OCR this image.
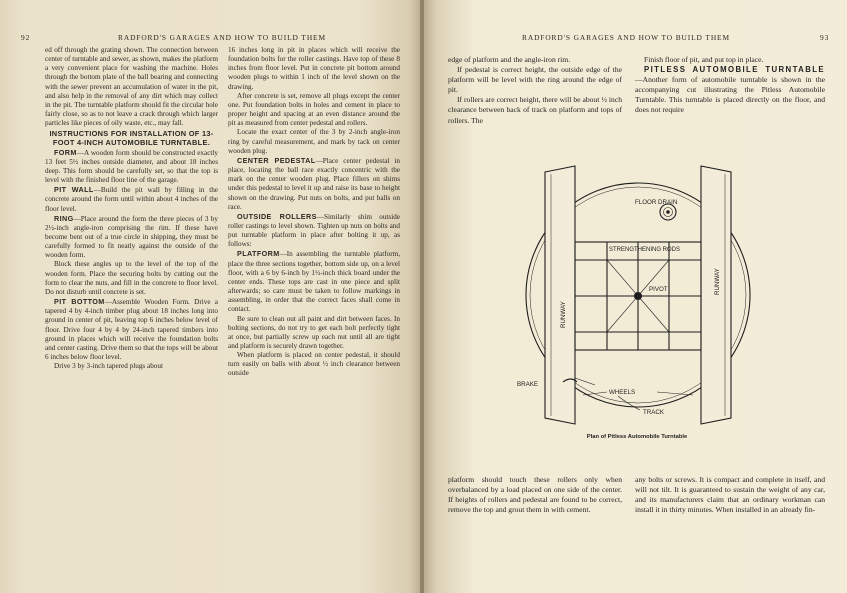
92	RADFORD'S GARAGES AND HOW TO BUILD THEM

ed off through the grating shown. The connection between center of turntable and sewer, as shown, makes the platform a very convenient place for washing the machine. Holes through the bottom plate of the ball bearing and connecting with the sewer prevent an accumulation of water in the pit, and also help in the removal of any dirt which may collect in the pit. The turntable platform should fit the circular hole fairly close, so as to not leave a crack through which larger particles like pieces of oily waste, etc., may fall.

INSTRUCTIONS FOR INSTALLATION OF 13-FOOT 4-INCH AUTOMOBILE TURNTABLE.

FORM—A wooden form should be constructed exactly 13 feet 5½ inches outside diameter, and about 18 inches deep. This form should be carefully set, so that the top is level with the finished floor line of the garage.

PIT WALL—Build the pit wall by filling in the concrete around the form until within about 4 inches of the floor level.

RING—Place around the form the three pieces of 3 by 2½-inch angle-iron comprising the rim. If these have become bent out of a true circle in shipping, they must be carefully formed to fit neatly against the outside of the wooden form.

Block these angles up to the level of the top of the wooden form. Place the securing bolts by cutting out the form to clear the nuts, and fill in the concrete to floor level. Do not disturb until concrete is set.

PIT BOTTOM—Assemble Wooden Form. Drive a tapered 4 by 4-inch timber plug about 18 inches long into ground in center of pit, leaving top 6 inches below level of floor. Drive four 4 by 4 by 24-inch tapered timbers into ground in places which will receive the foundation bolts and center casting. Drive them so that the tops will be about 6 inches below floor level.

Drive 3 by 3-inch tapered plugs about

16 inches long in pit in places which will receive the foundation bolts for the roller castings. Have top of these 8 inches from floor level. Put in concrete pit bottom around wooden plugs to within 1 inch of the level shown on the drawing.

After concrete is set, remove all plugs except the center one. Put foundation bolts in holes and cement in place to proper height and spacing at an even distance around the pit as measured from center pedestal and rollers.

Locate the exact center of the 3 by 2-inch angle-iron ring by careful measurement, and mark by tack on center wooden plug.

CENTER PEDESTAL—Place center pedestal in place, locating the ball race exactly concentric with the mark on the center wooden plug. Place fillers on shims under this pedestal to level it up and raise its base to height shown on the drawing. Put nuts on bolts, and put balls on race.

OUTSIDE ROLLERS—Similarly shim outside roller castings to level shown. Tighten up nuts on bolts and put turntable platform in place after bolting it up, as follows:

PLATFORM—In assembling the turntable platform, place the three sections together, bottom side up, on a level floor, with a 6 by 6-inch by 1½-inch thick board under the center ends. These tops are cast in one piece and split afterwards; so care must be taken to follow markings in assembling, in order that the correct faces shall come in contact.

Be sure to clean out all paint and dirt between faces. In bolting sections, do not try to get each bolt perfectly tight at once, but partially screw up each nut until all are tight and platform is securely drawn together.

When platform is placed on center pedestal, it should turn easily on balls with about ½ inch clearance between outside

RADFORD'S GARAGES AND HOW TO BUILD THEM	93

edge of platform and the angle-iron rim.

If pedestal is correct height, the outside edge of the platform will be level with the ring around the edge of pit.

If rollers are correct height, there will be about ½ inch clearance between back of track on platform and tops of rollers. The

Finish floor of pit, and put top in place.

PITLESS AUTOMOBILE TURNTABLE—Another form of automobile turntable is shown in the accompanying cut illustrating the Pitless Automobile Turntable. This turntable is placed directly on the floor, and does not require

FLOOR DRAIN
STRENGTHENING RODS
PIVOT
RUNWAY
RUNWAY
BRAKE
WHEELS
TRACK
Plan of Pitless Automobile Turntable

platform should touch these rollers only when overbalanced by a load placed on one side of the center. If heights of rollers and pedestal are found to be correct, remove the top and grout them in with cement.

any bolts or screws. It is compact and complete in itself, and will not tilt. It is guaranteed to sustain the weight of any car, and its manufacturers claim that an ordinary workman can install it in thirty minutes. When installed in an already fin-
